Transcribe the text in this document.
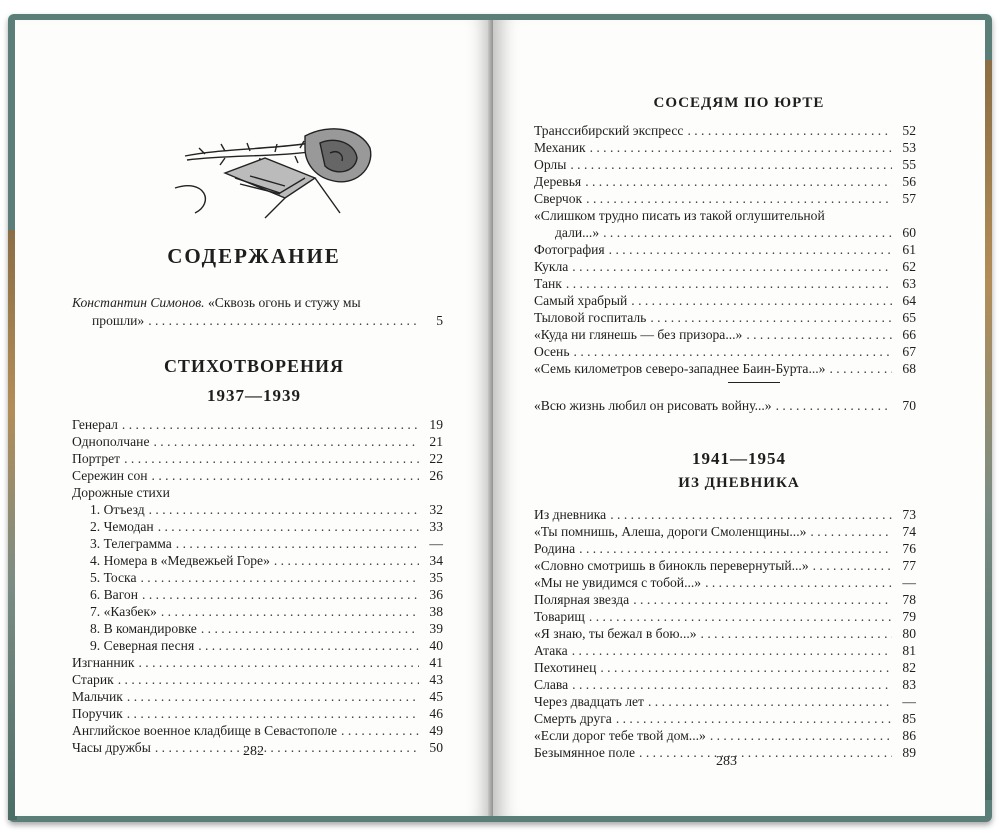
СОДЕРЖАНИЕ
Константин Симонов. «Сквозь огонь и стужу мы
прошли» . . .	5
СТИХОТВОРЕНИЯ
1937—1939
Генерал . . .	19
Однополчане . . .	21
Портрет . . .	22
Сережин сон . . .	26
Дорожные стихи
1. Отъезд . . .	32
2. Чемодан . . .	33
3. Телеграмма . . .	—
4. Номера в «Медвежьей Горе» . . .	34
5. Тоска . . .	35
6. Вагон . . .	36
7. «Казбек» . . .	38
8. В командировке . . .	39
9. Северная песня . . .	40
Изгнанник . . .	41
Старик . . .	43
Мальчик . . .	45
Поручик . . .	46
Английское военное кладбище в Севастополе . . .	49
Часы дружбы . . .	50
282
СОСЕДЯМ ПО ЮРТЕ
Транссибирский экспресс . . .	52
Механик . . .	53
Орлы . . .	55
Деревья . . .	56
Сверчок . . .	57
«Слишком трудно писать из такой оглушительной
дали...» . . .	60
Фотография . . .	61
Кукла . . .	62
Танк . . .	63
Самый храбрый . . .	64
Тыловой госпиталь . . .	65
«Куда ни глянешь — без призора...» . . .	66
Осень . . .	67
«Семь километров северо-западнее Баин-Бурта...» . . .	68
«Всю жизнь любил он рисовать войну...» . . .	70
1941—1954
ИЗ ДНЕВНИКА
Из дневника . . .	73
«Ты помнишь, Алеша, дороги Смоленщины...» . . .	74
Родина . . .	76
«Словно смотришь в бинокль перевернутый...» . . .	77
«Мы не увидимся с тобой...» . . .	—
Полярная звезда . . .	78
Товарищ . . .	79
«Я знаю, ты бежал в бою...» . . .	80
Атака . . .	81
Пехотинец . . .	82
Слава . . .	83
Через двадцать лет . . .	—
Смерть друга . . .	85
«Если дорог тебе твой дом...» . . .	86
Безымянное поле . . .	89
283
